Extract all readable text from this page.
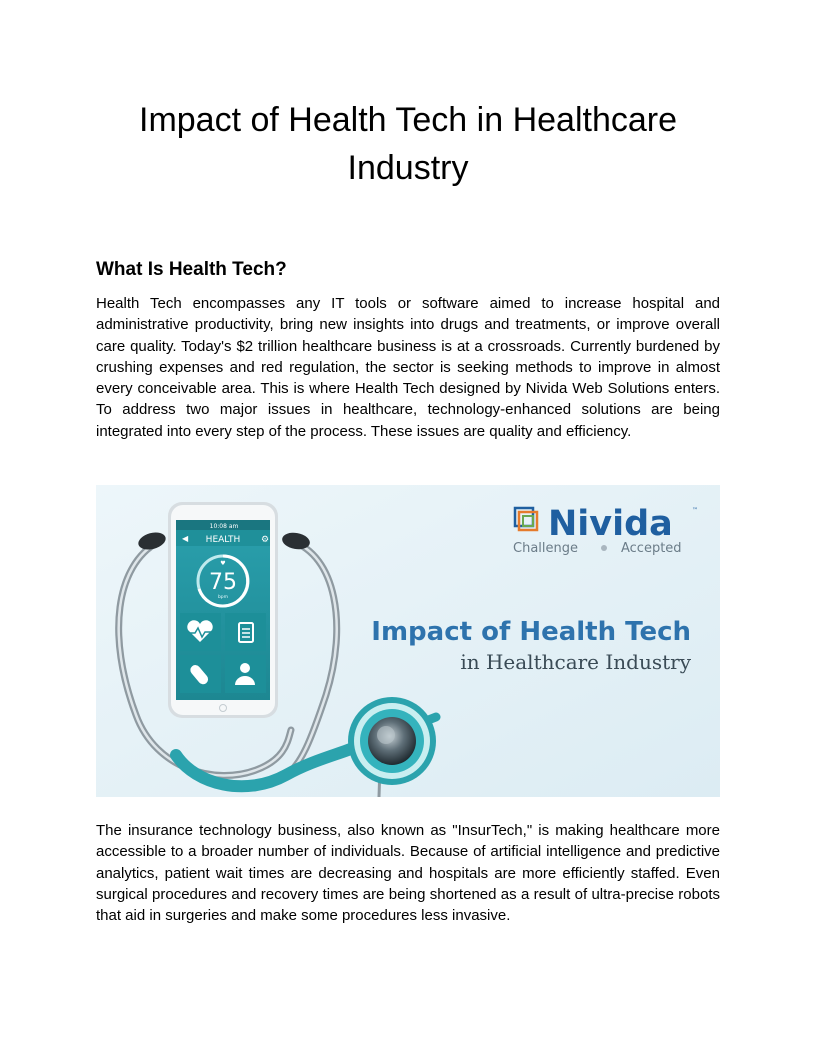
Impact of Health Tech in Healthcare Industry
What Is Health Tech?

Health Tech encompasses any IT tools or software aimed to increase hospital and administrative productivity, bring new insights into drugs and treatments, or improve overall care quality. Today's $2 trillion healthcare business is at a crossroads. Currently burdened by crushing expenses and red regulation, the sector is seeking methods to improve in almost every conceivable area. This is where Health Tech designed by Nivida Web Solutions enters. To address two major issues in healthcare, technology-enhanced solutions are being integrated into every step of the process. These issues are quality and efficiency.

10:08 am
◀ HEALTH ⚙
75
bpm
♥
Nivida	™
Challenge	Accepted
Impact of Health Tech
in Healthcare Industry

The insurance technology business, also known as "InsurTech," is making healthcare more accessible to a broader number of individuals. Because of artificial intelligence and predictive analytics, patient wait times are decreasing and hospitals are more efficiently staffed. Even surgical procedures and recovery times are being shortened as a result of ultra-precise robots that aid in surgeries and make some procedures less invasive.
